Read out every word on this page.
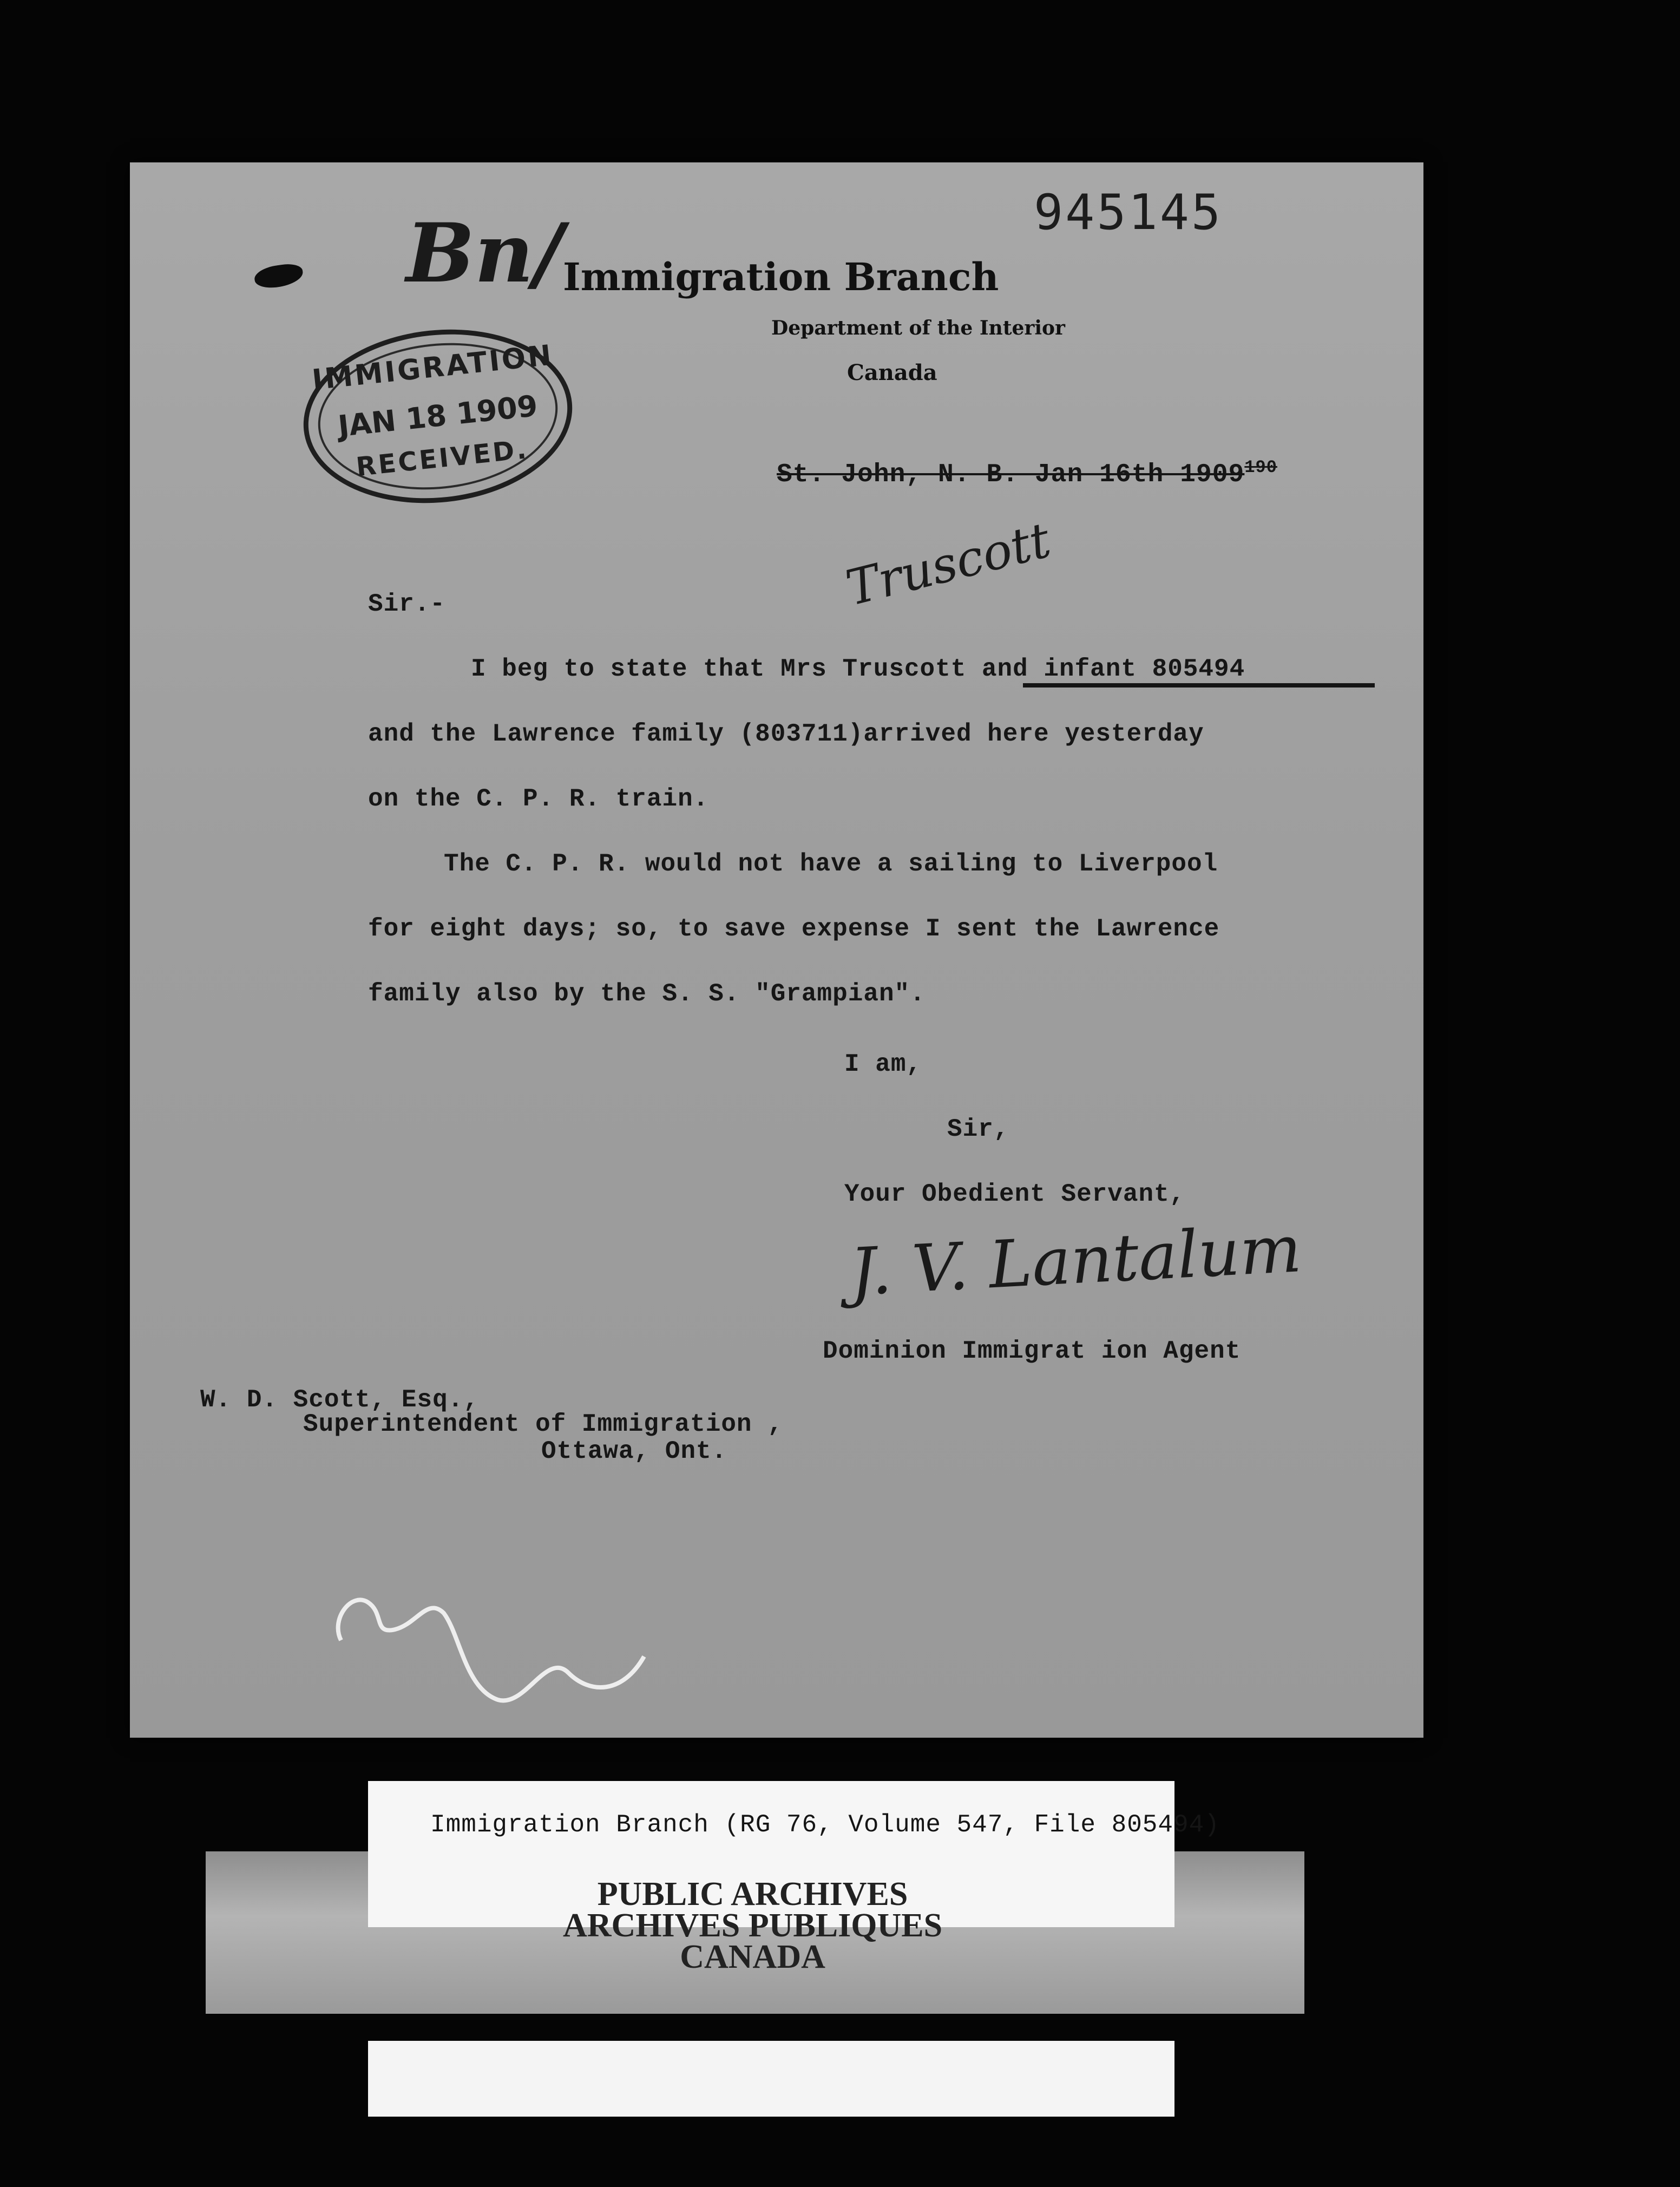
945145
Bn/ Immigration Branch
Department of the Interior
Canada
IMMIGRATION
JAN 18 1909
RECEIVED.	St. John, N. B. Jan 16th 1909$^{190}$
Truscott
Sir.-
I beg to state that Mrs Truscott and infant 805494
and the Lawrence family (803711)arrived here yesterday
on the C. P. R. train.
The C. P. R. would not have a sailing to Liverpool
for eight days; so, to save expense I sent the Lawrence
family also by the S. S. "Grampian".
I am,
Sir,
Your Obedient Servant,
J. V. Lantalum
Dominion Immigrat ion Agent
W. D. Scott, Esq.,
Superintendent of Immigration ,
Ottawa, Ont.
Immigration Branch (RG 76, Volume 547, File 805494)
PUBLIC ARCHIVES
ARCHIVES PUBLIQUES
CANADA
